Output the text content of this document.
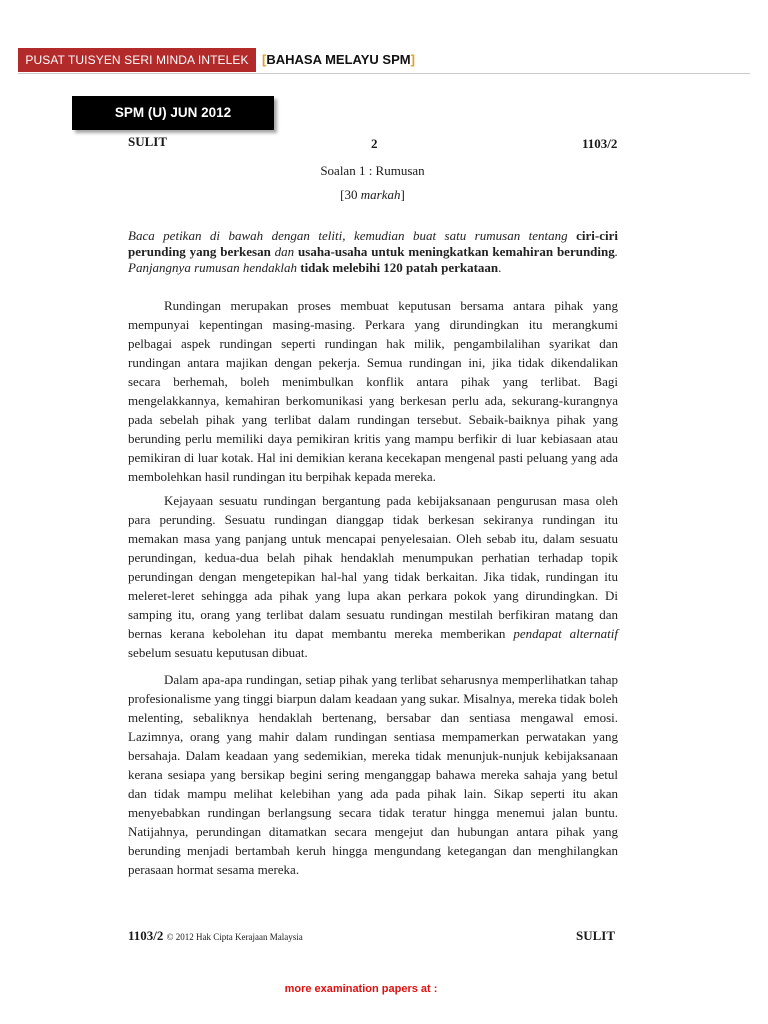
PUSAT TUISYEN SERI MINDA INTELEK	[BAHASA MELAYU SPM]
SPM (U) JUN 2012
SULIT	2	1103/2
Soalan 1 : Rumusan
[30 markah]
Baca petikan di bawah dengan teliti, kemudian buat satu rumusan tentang ciri-ciri perunding yang berkesan dan usaha-usaha untuk meningkatkan kemahiran berunding. Panjangnya rumusan hendaklah tidak melebihi 120 patah perkataan.
Rundingan merupakan proses membuat keputusan bersama antara pihak yang mempunyai kepentingan masing-masing. Perkara yang dirundingkan itu merangkumi pelbagai aspek rundingan seperti rundingan hak milik, pengambilalihan syarikat dan rundingan antara majikan dengan pekerja. Semua rundingan ini, jika tidak dikendalikan secara berhemah, boleh menimbulkan konflik antara pihak yang terlibat. Bagi mengelakkannya, kemahiran berkomunikasi yang berkesan perlu ada, sekurang-kurangnya pada sebelah pihak yang terlibat dalam rundingan tersebut. Sebaik-baiknya pihak yang berunding perlu memiliki daya pemikiran kritis yang mampu berfikir di luar kebiasaan atau pemikiran di luar kotak. Hal ini demikian kerana kecekapan mengenal pasti peluang yang ada membolehkan hasil rundingan itu berpihak kepada mereka.
Kejayaan sesuatu rundingan bergantung pada kebijaksanaan pengurusan masa oleh para perunding. Sesuatu rundingan dianggap tidak berkesan sekiranya rundingan itu memakan masa yang panjang untuk mencapai penyelesaian. Oleh sebab itu, dalam sesuatu perundingan, kedua-dua belah pihak hendaklah menumpukan perhatian terhadap topik perundingan dengan mengetepikan hal-hal yang tidak berkaitan. Jika tidak, rundingan itu meleret-leret sehingga ada pihak yang lupa akan perkara pokok yang dirundingkan. Di samping itu, orang yang terlibat dalam sesuatu rundingan mestilah berfikiran matang dan bernas kerana kebolehan itu dapat membantu mereka memberikan pendapat alternatif sebelum sesuatu keputusan dibuat.
Dalam apa-apa rundingan, setiap pihak yang terlibat seharusnya memperlihatkan tahap profesionalisme yang tinggi biarpun dalam keadaan yang sukar. Misalnya, mereka tidak boleh melenting, sebaliknya hendaklah bertenang, bersabar dan sentiasa mengawal emosi. Lazimnya, orang yang mahir dalam rundingan sentiasa mempamerkan perwatakan yang bersahaja. Dalam keadaan yang sedemikian, mereka tidak menunjuk-nunjuk kebijaksanaan kerana sesiapa yang bersikap begini sering menganggap bahawa mereka sahaja yang betul dan tidak mampu melihat kelebihan yang ada pada pihak lain. Sikap seperti itu akan menyebabkan rundingan berlangsung secara tidak teratur hingga menemui jalan buntu. Natijahnya, perundingan ditamatkan secara mengejut dan hubungan antara pihak yang berunding menjadi bertambah keruh hingga mengundang ketegangan dan menghilangkan perasaan hormat sesama mereka.
1103/2 © 2012 Hak Cipta Kerajaan Malaysia	SULIT
more examination papers at :
